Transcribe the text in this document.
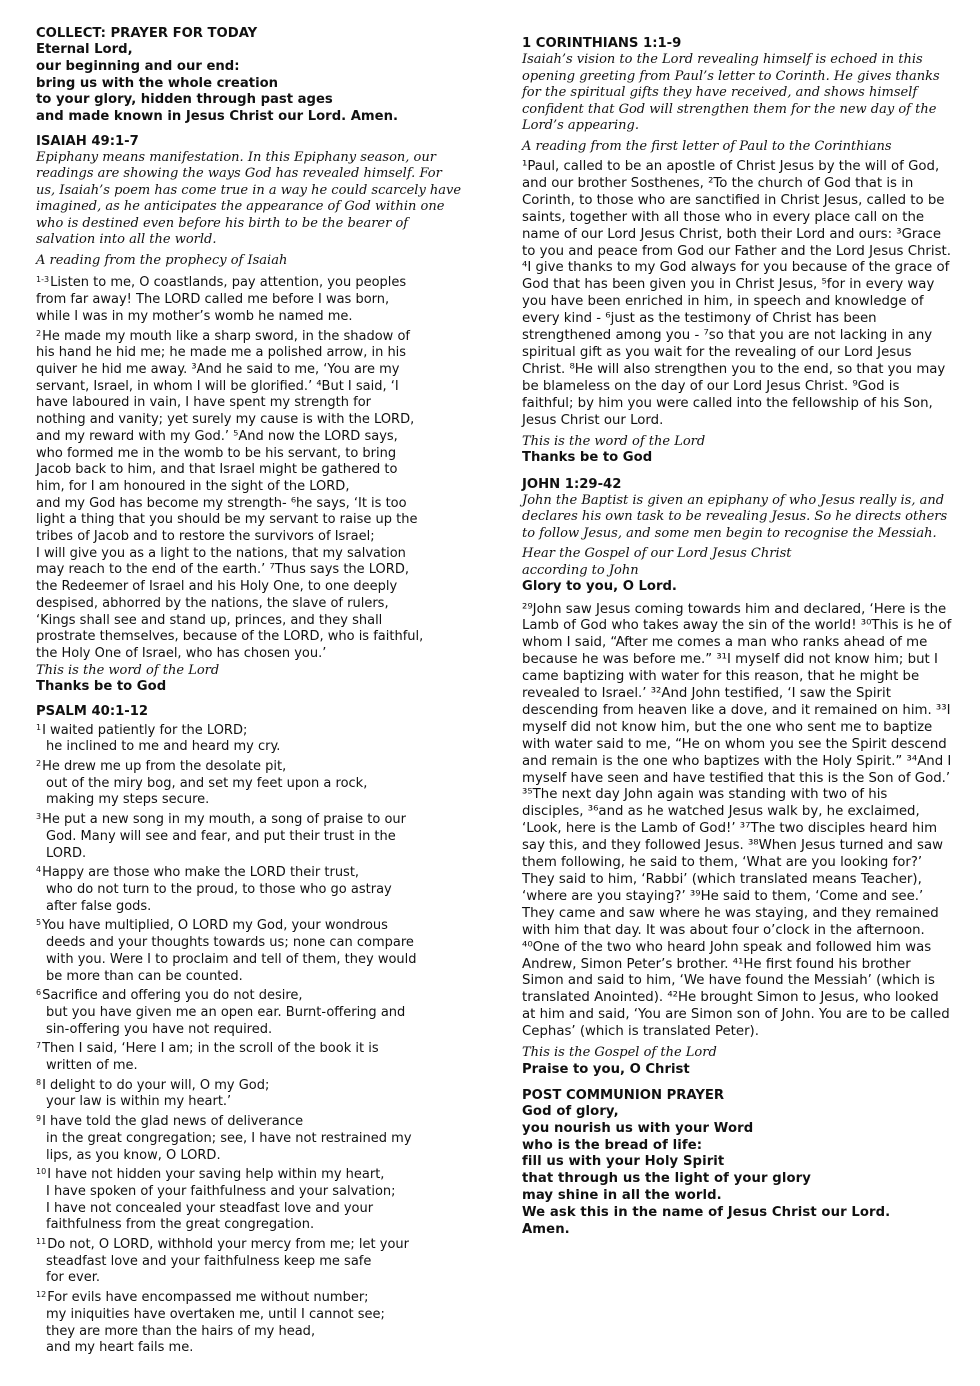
COLLECT: PRAYER FOR TODAY
Eternal Lord,
our beginning and our end:
bring us with the whole creation
to your glory, hidden through past ages
and made known in Jesus Christ our Lord. Amen.
ISAIAH 49:1-7
Epiphany means manifestation. In this Epiphany season, our readings are showing the ways God has revealed himself. For us, Isaiah’s poem has come true in a way he could scarcely have imagined, as he anticipates the appearance of God within one who is destined even before his birth to be the bearer of salvation into all the world.
A reading from the prophecy of Isaiah
$^{1-3}$Listen to me, O coastlands, pay attention, you peoples
from far away! The LORD called me before I was born,
while I was in my mother’s womb he named me.
$^2$He made my mouth like a sharp sword, in the shadow of
his hand he hid me; he made me a polished arrow, in his
quiver he hid me away. ³And he said to me, ‘You are my
servant, Israel, in whom I will be glorified.’ ⁴But I said, ‘I
have laboured in vain, I have spent my strength for
nothing and vanity; yet surely my cause is with the LORD,
and my reward with my God.’ ⁵And now the LORD says,
who formed me in the womb to be his servant, to bring
Jacob back to him, and that Israel might be gathered to
him, for I am honoured in the sight of the LORD,
and my God has become my strength- ⁶he says, ‘It is too
light a thing that you should be my servant to raise up the
tribes of Jacob and to restore the survivors of Israel;
I will give you as a light to the nations, that my salvation
may reach to the end of the earth.’ ⁷Thus says the LORD,
the Redeemer of Israel and his Holy One, to one deeply
despised, abhorred by the nations, the slave of rulers,
‘Kings shall see and stand up, princes, and they shall
prostrate themselves, because of the LORD, who is faithful,
the Holy One of Israel, who has chosen you.’
This is the word of the Lord
Thanks be to God
PSALM 40:1-12
$^1$I waited patiently for the LORD;
he inclined to me and heard my cry.
$^2$He drew me up from the desolate pit,
out of the miry bog, and set my feet upon a rock,
making my steps secure.
$^3$He put a new song in my mouth, a song of praise to our
God. Many will see and fear, and put their trust in the
LORD.
$^4$Happy are those who make the LORD their trust,
who do not turn to the proud, to those who go astray
after false gods.
$^5$You have multiplied, O LORD my God, your wondrous
deeds and your thoughts towards us; none can compare
with you. Were I to proclaim and tell of them, they would
be more than can be counted.
$^6$Sacrifice and offering you do not desire,
but you have given me an open ear. Burnt-offering and
sin-offering you have not required.
$^7$Then I said, ‘Here I am; in the scroll of the book it is
written of me.
$^8$I delight to do your will, O my God;
your law is within my heart.’
$^9$I have told the glad news of deliverance
in the great congregation; see, I have not restrained my
lips, as you know, O LORD.
$^{10}$I have not hidden your saving help within my heart,
I have spoken of your faithfulness and your salvation;
I have not concealed your steadfast love and your
faithfulness from the great congregation.
$^{11}$Do not, O LORD, withhold your mercy from me; let your
steadfast love and your faithfulness keep me safe
for ever.
$^{12}$For evils have encompassed me without number;
my iniquities have overtaken me, until I cannot see;
they are more than the hairs of my head,
and my heart fails me.
1 CORINTHIANS 1:1-9
Isaiah’s vision to the Lord revealing himself is echoed in this opening greeting from Paul’s letter to Corinth. He gives thanks for the spiritual gifts they have received, and shows himself confident that God will strengthen them for the new day of the Lord’s appearing.
A reading from the first letter of Paul to the Corinthians
¹Paul, called to be an apostle of Christ Jesus by the will of God, and our brother Sosthenes, ²To the church of God that is in Corinth, to those who are sanctified in Christ Jesus, called to be saints, together with all those who in every place call on the name of our Lord Jesus Christ, both their Lord and ours: ³Grace to you and peace from God our Father and the Lord Jesus Christ. ⁴I give thanks to my God always for you because of the grace of God that has been given you in Christ Jesus, ⁵for in every way you have been enriched in him, in speech and knowledge of every kind - ⁶just as the testimony of Christ has been strengthened among you - ⁷so that you are not lacking in any spiritual gift as you wait for the revealing of our Lord Jesus Christ. ⁸He will also strengthen you to the end, so that you may be blameless on the day of our Lord Jesus Christ. ⁹God is faithful; by him you were called into the fellowship of his Son, Jesus Christ our Lord.
This is the word of the Lord
Thanks be to God
JOHN 1:29-42
John the Baptist is given an epiphany of who Jesus really is, and declares his own task to be revealing Jesus. So he directs others to follow Jesus, and some men begin to recognise the Messiah.
Hear the Gospel of our Lord Jesus Christ
according to John
Glory to you, O Lord.
²⁹John saw Jesus coming towards him and declared, ‘Here is the Lamb of God who takes away the sin of the world! ³⁰This is he of whom I said, “After me comes a man who ranks ahead of me because he was before me.” ³¹I myself did not know him; but I came baptizing with water for this reason, that he might be revealed to Israel.’ ³²And John testified, ‘I saw the Spirit descending from heaven like a dove, and it remained on him. ³³I myself did not know him, but the one who sent me to baptize with water said to me, “He on whom you see the Spirit descend and remain is the one who baptizes with the Holy Spirit.” ³⁴And I myself have seen and have testified that this is the Son of God.’ ³⁵The next day John again was standing with two of his disciples, ³⁶and as he watched Jesus walk by, he exclaimed, ‘Look, here is the Lamb of God!’ ³⁷The two disciples heard him say this, and they followed Jesus. ³⁸When Jesus turned and saw them following, he said to them, ‘What are you looking for?’ They said to him, ‘Rabbi’ (which translated means Teacher), ‘where are you staying?’ ³⁹He said to them, ‘Come and see.’ They came and saw where he was staying, and they remained with him that day. It was about four o’clock in the afternoon. ⁴⁰One of the two who heard John speak and followed him was Andrew, Simon Peter’s brother. ⁴¹He first found his brother Simon and said to him, ‘We have found the Messiah’ (which is translated Anointed). ⁴²He brought Simon to Jesus, who looked at him and said, ‘You are Simon son of John. You are to be called Cephas’ (which is translated Peter).
This is the Gospel of the Lord
Praise to you, O Christ
POST COMMUNION PRAYER
God of glory,
you nourish us with your Word
who is the bread of life:
fill us with your Holy Spirit
that through us the light of your glory
may shine in all the world.
We ask this in the name of Jesus Christ our Lord.
Amen.
